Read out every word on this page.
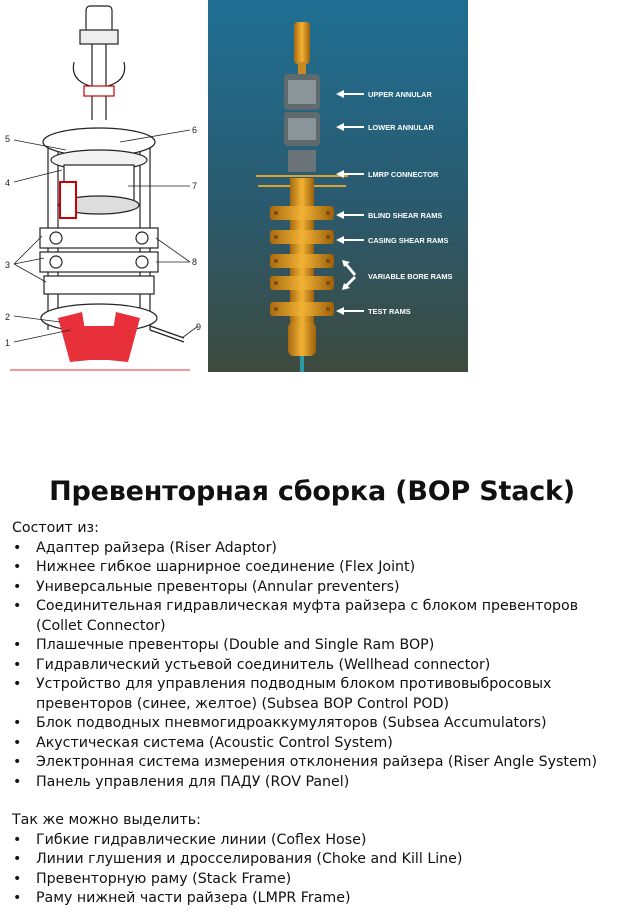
5
6
4	7
3	8
2
1
9
UPPER ANNULAR
LOWER ANNULAR
LMRP CONNECTOR
BLIND SHEAR RAMS
CASING SHEAR RAMS
VARIABLE BORE RAMS
TEST RAMS
Превенторная сборка (BOP Stack)

Состоит из:

• Адаптер райзера (Riser Adaptor)
• Нижнее гибкое шарнирное соединение (Flex Joint)
• Универсальные превенторы (Annular preventers)
• Соединительная гидравлическая муфта райзера с блоком превенторов (Collet Connector)
• Плашечные превенторы (Double and Single Ram BOP)
• Гидравлический устьевой соединитель (Wellhead connector)
• Устройство для управления подводным блоком противовыбросовых превенторов (синее, желтое) (Subsea BOP Control POD)
• Блок подводных пневмогидроаккумуляторов (Subsea Accumulators)
• Акустическая система (Acoustic Control System)
• Электронная система измерения отклонения райзера (Riser Angle System)
• Панель управления для ПАДУ (ROV Panel)

Так же можно выделить:

• Гибкие гидравлические линии (Coflex Hose)
• Линии глушения и дросселирования (Choke and Kill Line)
• Превенторную раму (Stack Frame)
• Раму нижней части райзера (LMPR Frame)
